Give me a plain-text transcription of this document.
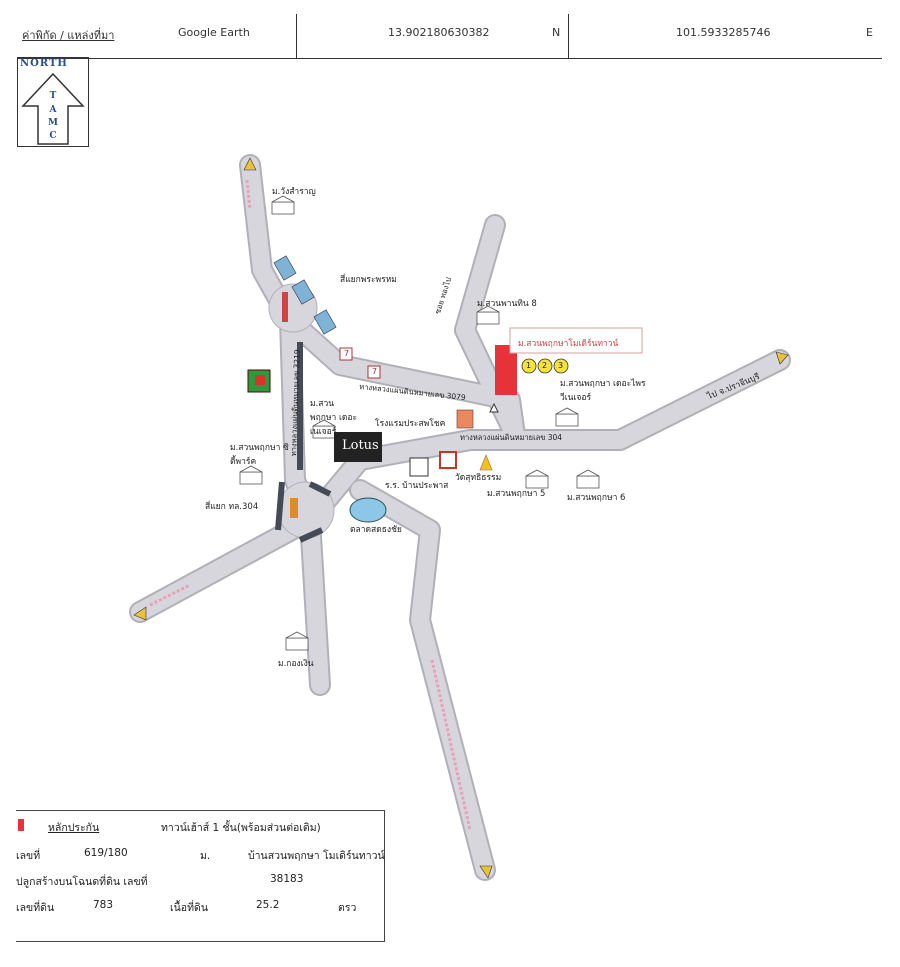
ค่าพิกัด / แหล่งที่มา	Google Earth	13.902180630382	N	101.5933285746	E
NORTH
T
A
M
C
ม.วังสำราญ
สี่แยกพระพรหม
ม.สวนพานทิน 8
ซอย ทองไป
ม.สวนพฤกษาโมเดิร์นทาวน์
ทางหลวงแผ่นดินหมายเลข 3079
ทางหลวงแผ่นดินหมายเลข 304
ทางหลวงแผ่นดินหมายเลข 3219	ไป จ.ปราจีนบุรี
ม.สวนพฤกษา เดอะไพรวีเนเจอร์
ม.สวนพฤกษา เดอะเนเจอร์
โรงแรมประสพโชค
ม.สวนพฤกษา ซิตี้พาร์ค
Lotus
สี่แยก ทล.304
วัดสุทธิธรรม
ร.ร. บ้านประพาส
ม.สวนพฤกษา 5	ม.สวนพฤกษา 6
ตลาดสดธงชัย
ม.กองเงิน
7
7
1 2 3
หลักประกัน	ทาวน์เฮ้าส์ 1 ชั้น(พร้อมส่วนต่อเติม)
เลขที่	619/180	ม.	บ้านสวนพฤกษา โมเดิร์นทาวน์
ปลูกสร้างบนโฉนดที่ดิน เลขที่	38183
เลขที่ดิน	783	เนื้อที่ดิน	25.2	ตรว
